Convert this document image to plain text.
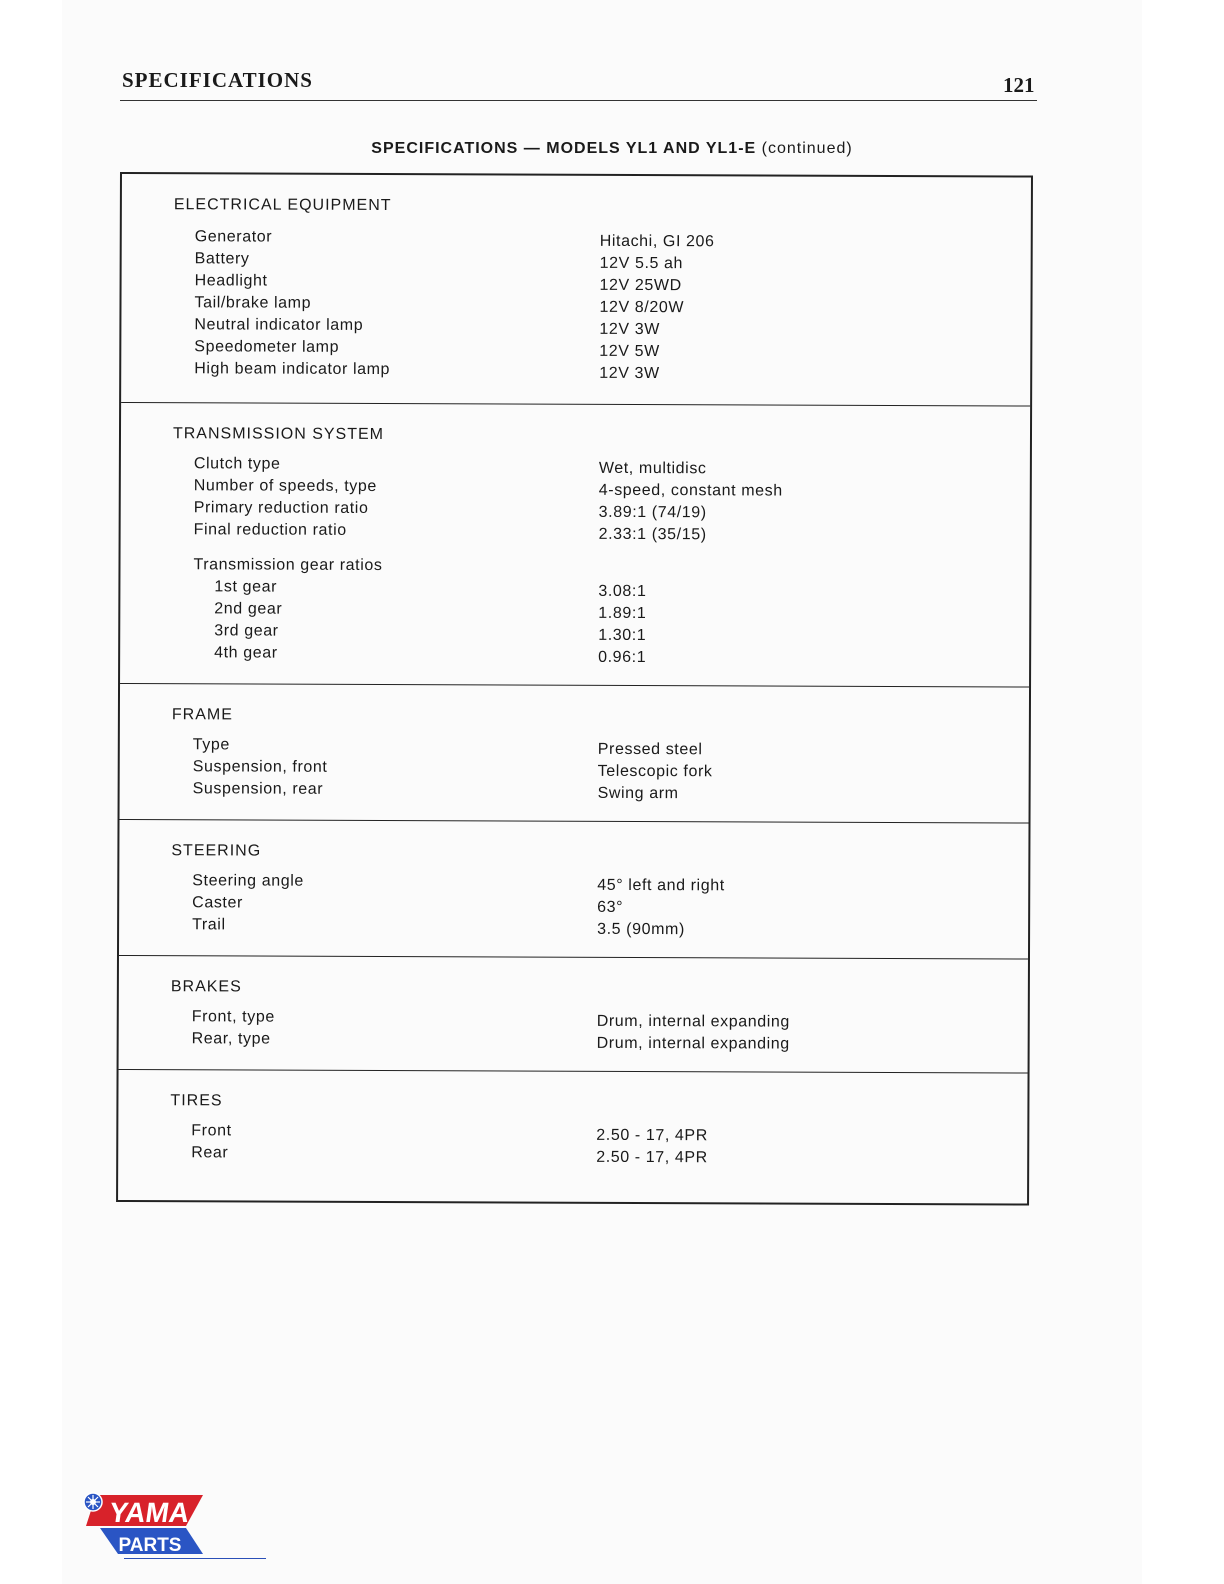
SPECIFICATIONS	121
SPECIFICATIONS — MODELS YL1 AND YL1-E (continued)
ELECTRICAL EQUIPMENT
Generator	Hitachi, GI 206
Battery	12V 5.5 ah
Headlight	12V 25WD
Tail/brake lamp	12V 8/20W
Neutral indicator lamp	12V 3W
Speedometer lamp	12V 5W
High beam indicator lamp	12V 3W
TRANSMISSION SYSTEM
Clutch type	Wet, multidisc
Number of speeds, type	4-speed, constant mesh
Primary reduction ratio	3.89:1 (74/19)
Final reduction ratio	2.33:1 (35/15)
Transmission gear ratios
1st gear	3.08:1
2nd gear	1.89:1
3rd gear	1.30:1
4th gear	0.96:1
FRAME
Type	Pressed steel
Suspension, front	Telescopic fork
Suspension, rear	Swing arm
STEERING
Steering angle	45° left and right
Caster	63°
Trail	3.5 (90mm)
BRAKES
Front, type	Drum, internal expanding
Rear, type	Drum, internal expanding
TIRES
Front	2.50 - 17, 4PR
Rear	2.50 - 17, 4PR
YAMA
PARTS
